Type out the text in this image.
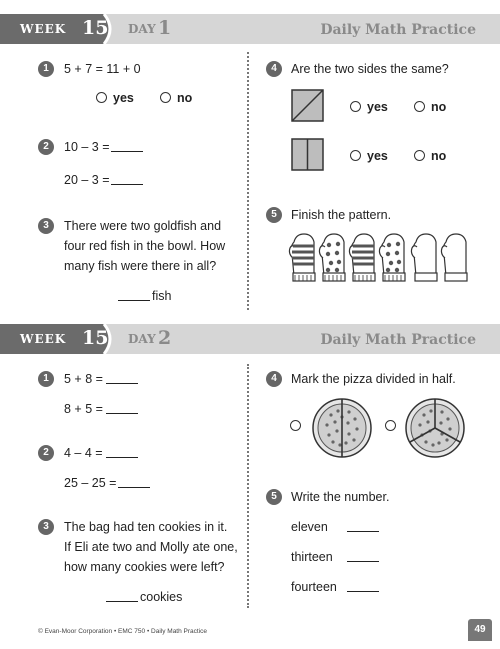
WEEK 15 DAY 1	Daily Math Practice
1	5 + 7 = 11 + 0
yes	no
2	10 – 3 =
20 – 3 =
3	There were two goldfish and
four red fish in the bowl. How
many fish were there in all?
fish
4	Are the two sides the same?
yes	no
yes	no
5	Finish the pattern.
WEEK 15 DAY 2	Daily Math Practice
1	5 + 8 =
8 + 5 =
2	4 – 4 =
25 – 25 =
3	The bag had ten cookies in it.
If Eli ate two and Molly ate one,
how many cookies were left?
cookies
4	Mark the pizza divided in half.
5	Write the number.
eleven
thirteen
fourteen
© Evan-Moor Corporation • EMC 750 • Daily Math Practice	49
